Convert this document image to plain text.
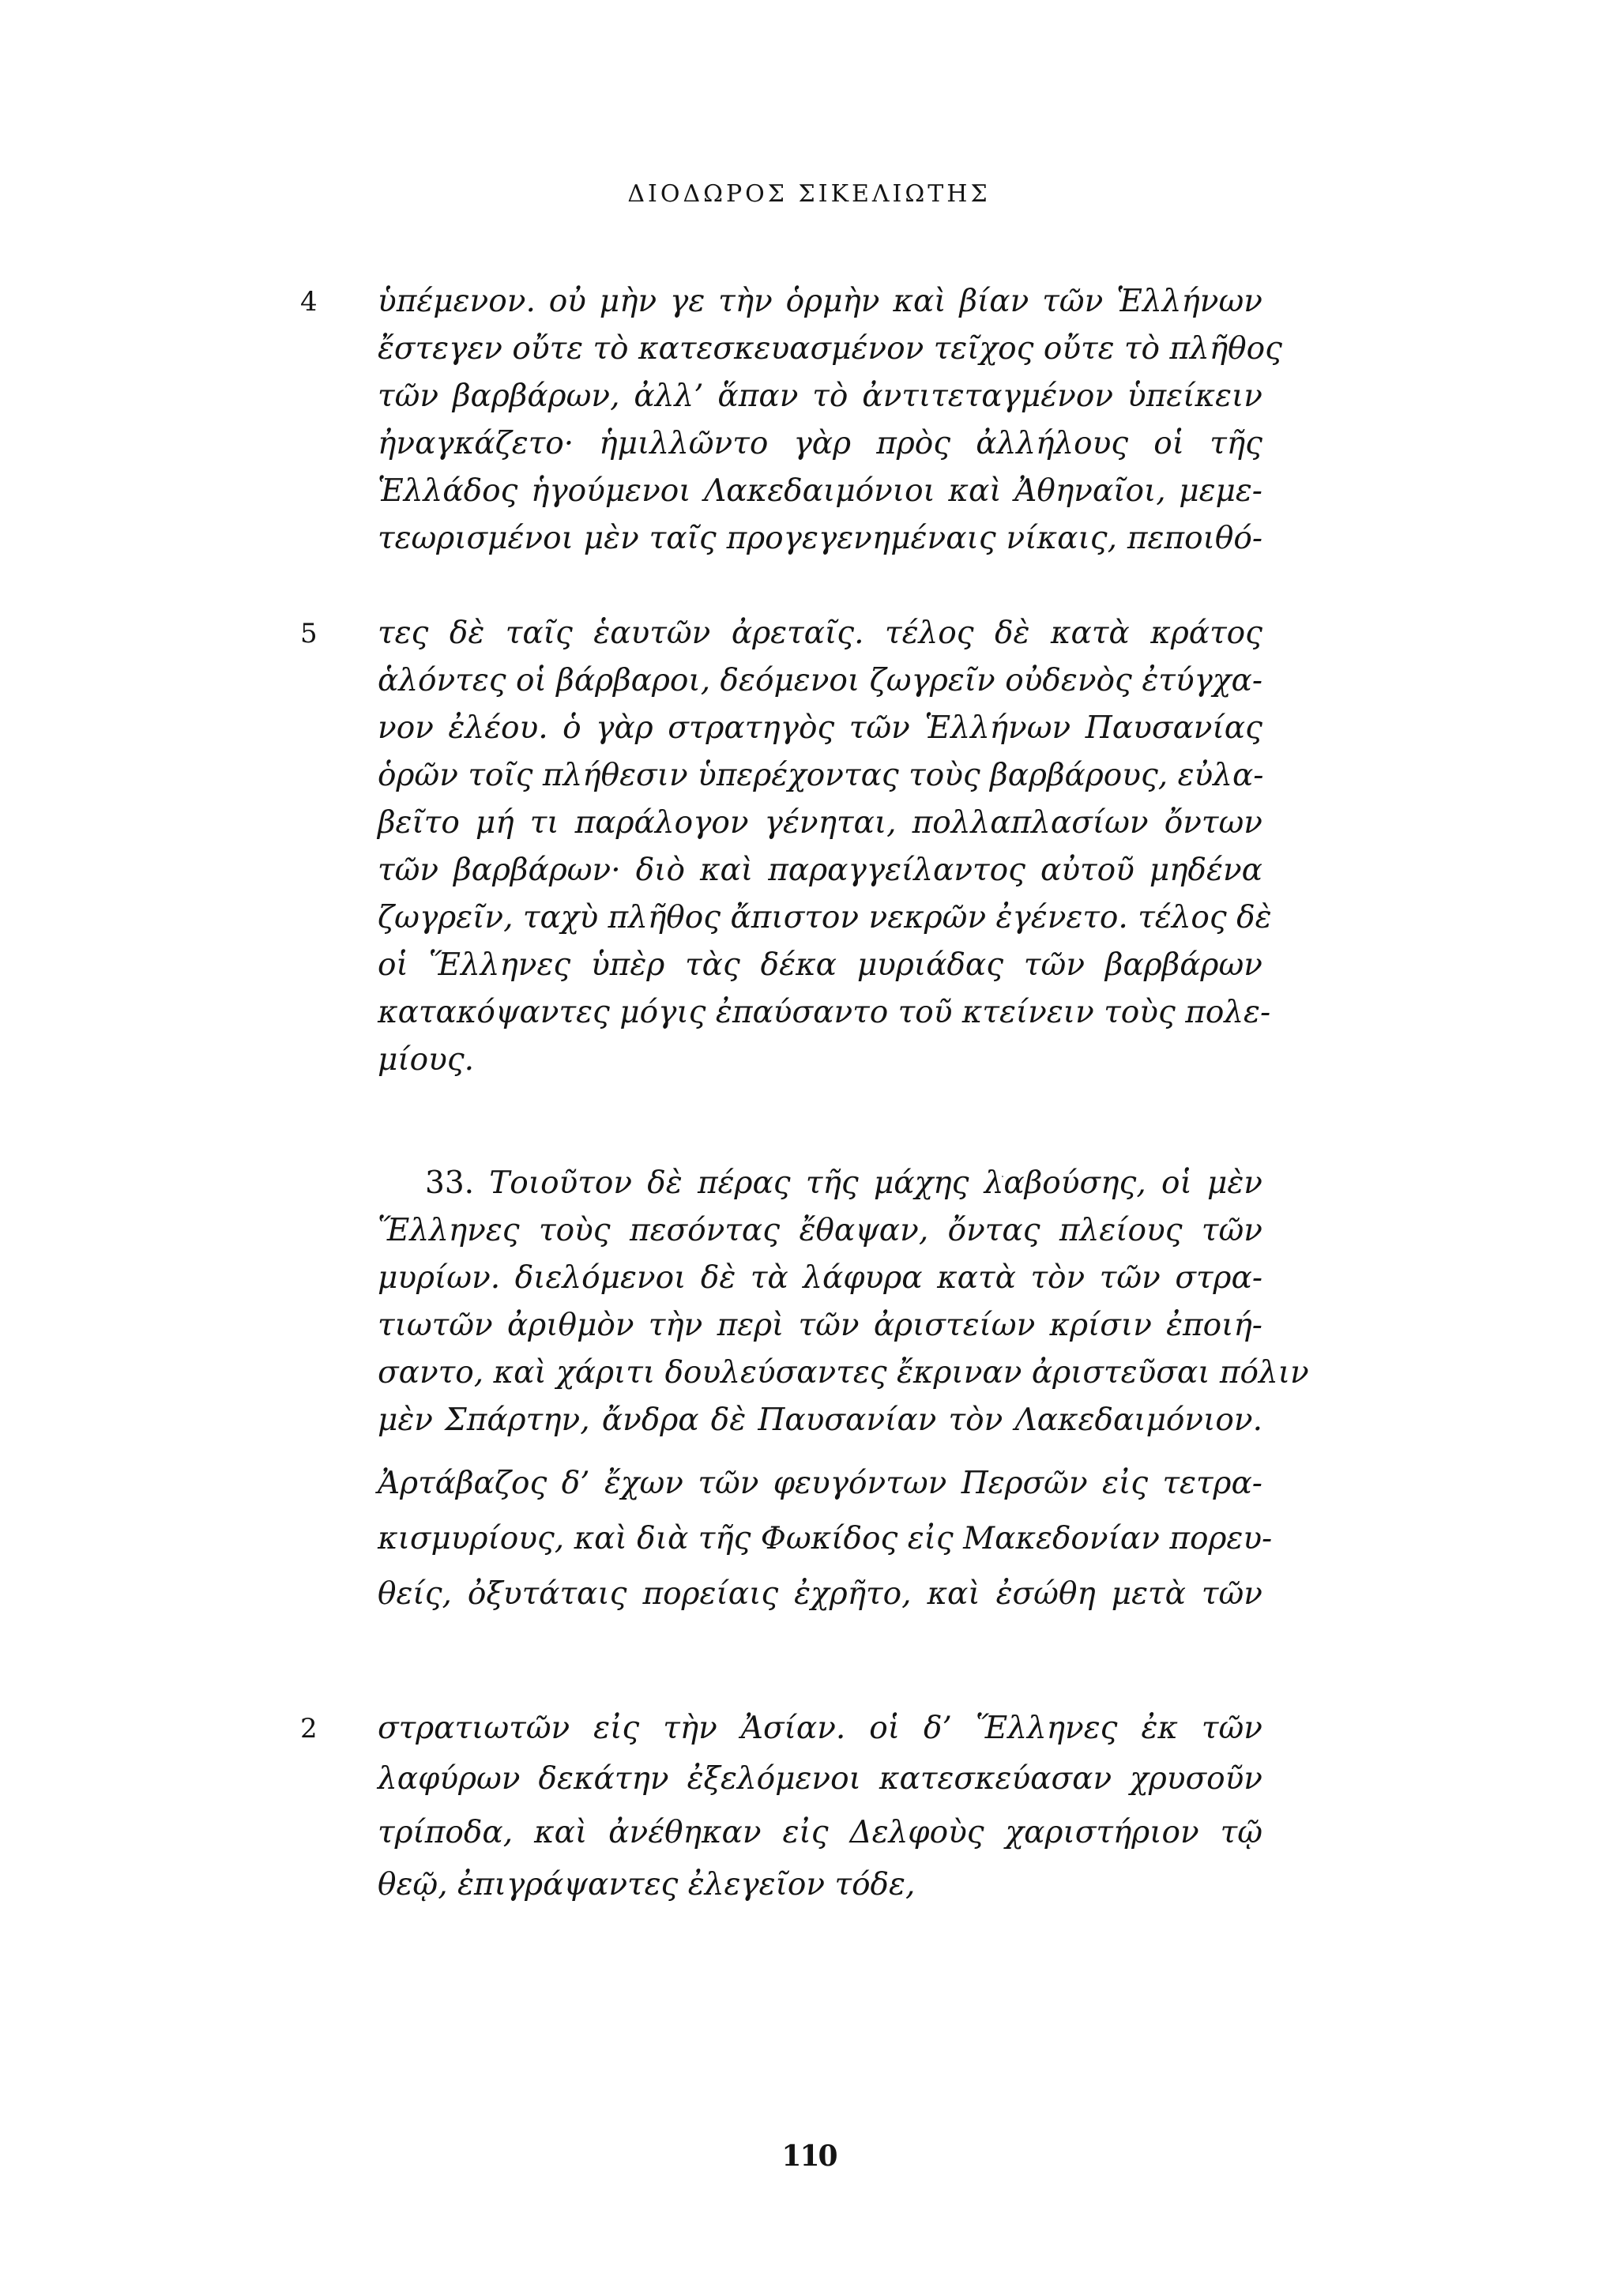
ΔΙΟΔΩΡΟΣ ΣΙΚΕΛΙΩΤΗΣ
4
5
2
ὑπέμενον. οὐ μὴν γε τὴν ὁρμὴν καὶ βίαν τῶν Ἑλλήνων
ἔστεγεν οὔτε τὸ κατεσκευασμένον τεῖχος οὔτε τὸ πλῆθος
τῶν βαρβάρων, ἀλλ’ ἅπαν τὸ ἀντιτεταγμένον ὑπείκειν
ἠναγκάζετο· ἡμιλλῶντο γὰρ πρὸς ἀλλήλους οἱ τῆς
Ἑλλάδος ἡγούμενοι Λακεδαιμόνιοι καὶ Ἀθηναῖοι, μεμε-
τεωρισμένοι μὲν ταῖς προγεγενημέναις νίκαις, πεποιθό-
τες δὲ ταῖς ἑαυτῶν ἀρεταῖς. τέλος δὲ κατὰ κράτος
ἁλόντες οἱ βάρβαροι, δεόμενοι ζωγρεῖν οὐδενὸς ἐτύγχα-
νον ἐλέου. ὁ γὰρ στρατηγὸς τῶν Ἑλλήνων Παυσανίας
ὁρῶν τοῖς πλήθεσιν ὑπερέχοντας τοὺς βαρβάρους, εὐλα-
βεῖτο μή τι παράλογον γένηται, πολλαπλασίων ὄντων
τῶν βαρβάρων· διὸ καὶ παραγγείλαντος αὐτοῦ μηδένα
ζωγρεῖν, ταχὺ πλῆθος ἄπιστον νεκρῶν ἐγένετο. τέλος δὲ
οἱ Ἕλληνες ὑπὲρ τὰς δέκα μυριάδας τῶν βαρβάρων
κατακόψαντες μόγις ἐπαύσαντο τοῦ κτείνειν τοὺς πολε-
μίους.
33. Τοιοῦτον δὲ πέρας τῆς μάχης λαβούσης, οἱ μὲν
Ἕλληνες τοὺς πεσόντας ἔθαψαν, ὄντας πλείους τῶν
μυρίων. διελόμενοι δὲ τὰ λάφυρα κατὰ τὸν τῶν στρα-
τιωτῶν ἀριθμὸν τὴν περὶ τῶν ἀριστείων κρίσιν ἐποιή-
σαντο, καὶ χάριτι δουλεύσαντες ἔκριναν ἀριστεῦσαι πόλιν
μὲν Σπάρτην, ἄνδρα δὲ Παυσανίαν τὸν Λακεδαιμόνιον.
Ἀρτάβαζος δ’ ἔχων τῶν φευγόντων Περσῶν εἰς τετρα-
κισμυρίους, καὶ διὰ τῆς Φωκίδος εἰς Μακεδονίαν πορευ-
θείς, ὀξυτάταις πορείαις ἐχρῆτο, καὶ ἐσώθη μετὰ τῶν
στρατιωτῶν εἰς τὴν Ἀσίαν. οἱ δ’ Ἕλληνες ἐκ τῶν
λαφύρων δεκάτην ἐξελόμενοι κατεσκεύασαν χρυσοῦν
τρίποδα, καὶ ἀνέθηκαν εἰς Δελφοὺς χαριστήριον τῷ
θεῷ, ἐπιγράψαντες ἐλεγεῖον τόδε,
110
